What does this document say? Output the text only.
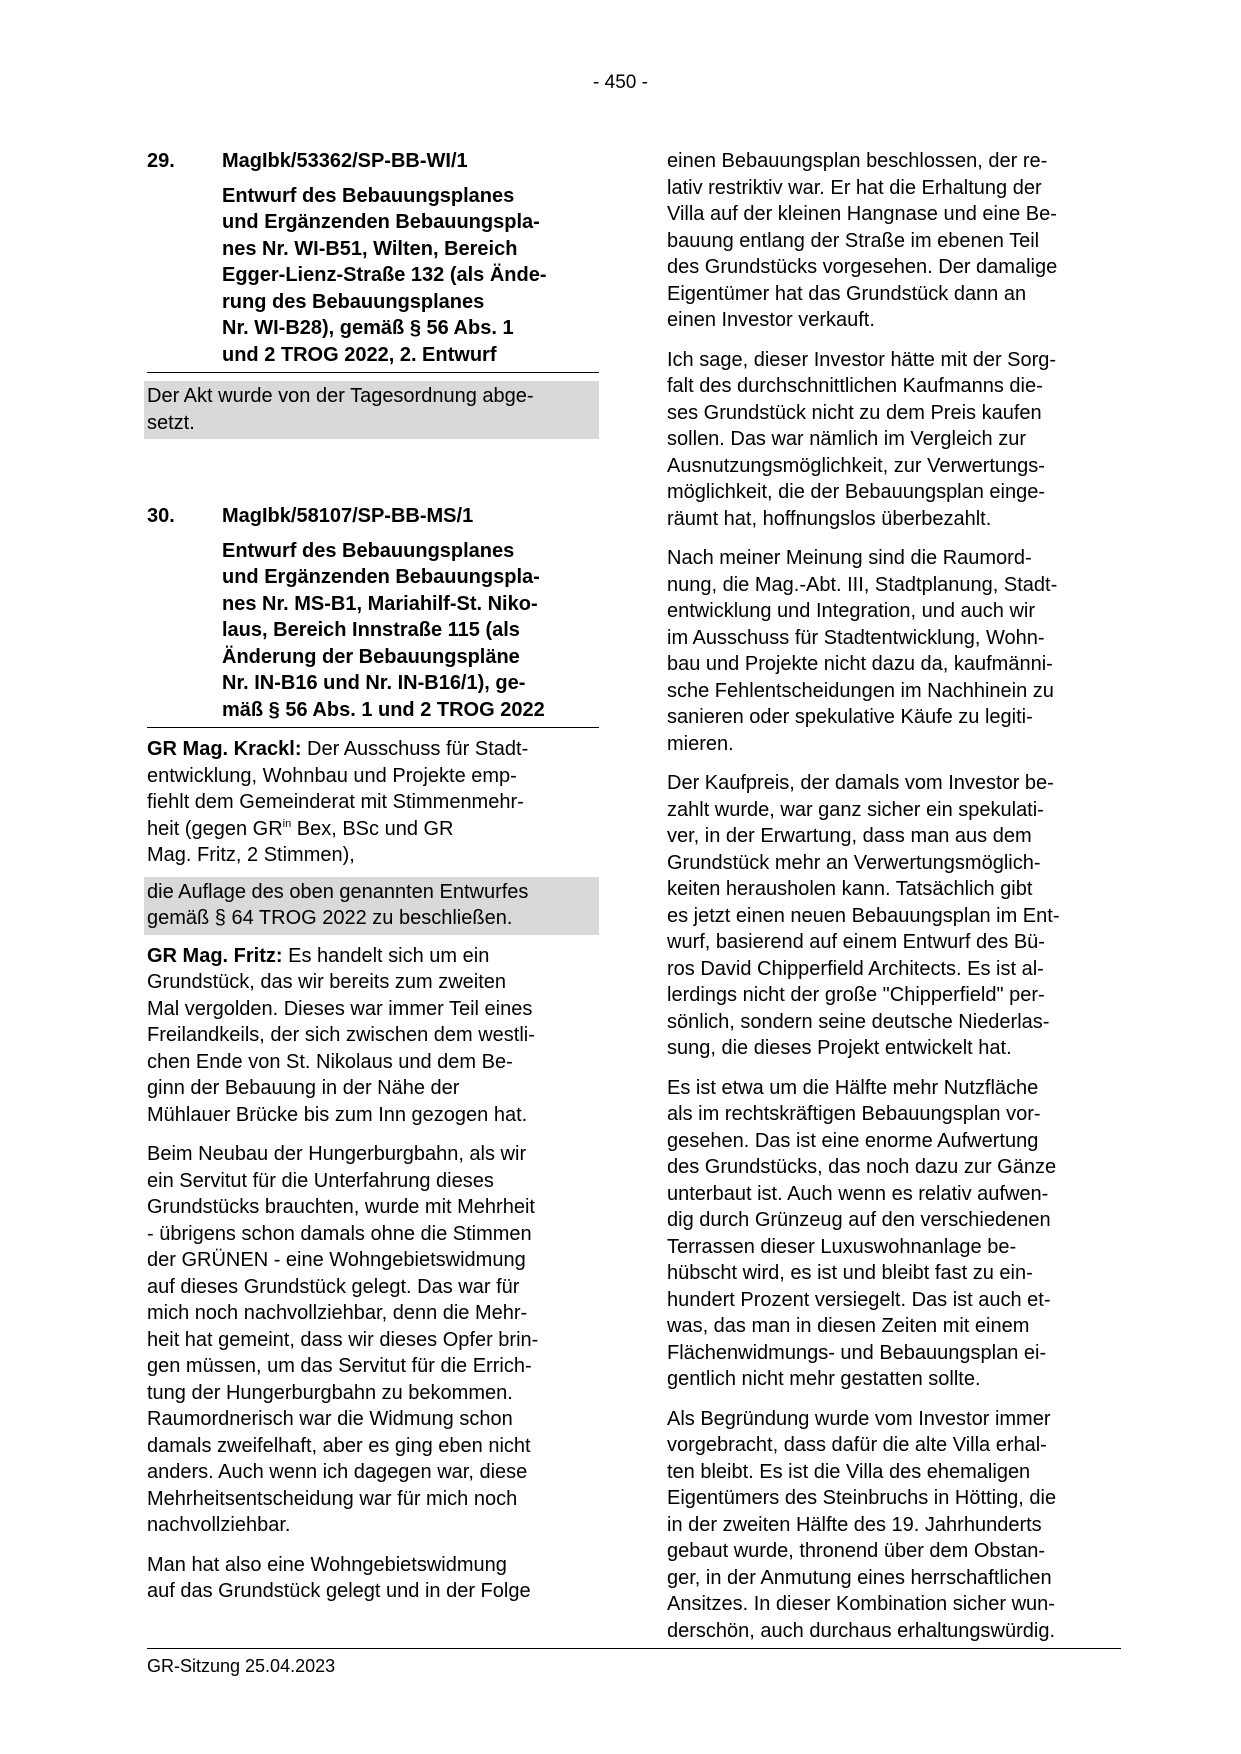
- 450 -
29.	MagIbk/53362/SP-BB-WI/1
Entwurf des Bebauungsplanes
und Ergänzenden Bebauungspla-
nes Nr. WI-B51, Wilten, Bereich
Egger-Lienz-Straße 132 (als Ände-
rung des Bebauungsplanes
Nr. WI-B28), gemäß § 56 Abs. 1
und 2 TROG 2022, 2. Entwurf
Der Akt wurde von der Tagesordnung abge-
setzt.
30.	MagIbk/58107/SP-BB-MS/1
Entwurf des Bebauungsplanes
und Ergänzenden Bebauungspla-
nes Nr. MS-B1, Mariahilf-St. Niko-
laus, Bereich Innstraße 115 (als
Änderung der Bebauungspläne
Nr. IN-B16 und Nr. IN-B16/1), ge-
mäß § 56 Abs. 1 und 2 TROG 2022
GR Mag. Krackl: Der Ausschuss für Stadt-
entwicklung, Wohnbau und Projekte emp-
fiehlt dem Gemeinderat mit Stimmenmehr-
heit (gegen $GR^{in}$ Bex, BSc und GR
Mag. Fritz, 2 Stimmen),
die Auflage des oben genannten Entwurfes
gemäß § 64 TROG 2022 zu beschließen.

GR Mag. Fritz: Es handelt sich um ein
Grundstück, das wir bereits zum zweiten
Mal vergolden. Dieses war immer Teil eines
Freilandkeils, der sich zwischen dem westli-
chen Ende von St. Nikolaus und dem Be-
ginn der Bebauung in der Nähe der
Mühlauer Brücke bis zum Inn gezogen hat.

Beim Neubau der Hungerburgbahn, als wir
ein Servitut für die Unterfahrung dieses
Grundstücks brauchten, wurde mit Mehrheit
- übrigens schon damals ohne die Stimmen
der GRÜNEN - eine Wohngebietswidmung
auf dieses Grundstück gelegt. Das war für
mich noch nachvollziehbar, denn die Mehr-
heit hat gemeint, dass wir dieses Opfer brin-
gen müssen, um das Servitut für die Errich-
tung der Hungerburgbahn zu bekommen.
Raumordnerisch war die Widmung schon
damals zweifelhaft, aber es ging eben nicht
anders. Auch wenn ich dagegen war, diese
Mehrheitsentscheidung war für mich noch
nachvollziehbar.

Man hat also eine Wohngebietswidmung
auf das Grundstück gelegt und in der Folge

einen Bebauungsplan beschlossen, der re-
lativ restriktiv war. Er hat die Erhaltung der
Villa auf der kleinen Hangnase und eine Be-
bauung entlang der Straße im ebenen Teil
des Grundstücks vorgesehen. Der damalige
Eigentümer hat das Grundstück dann an
einen Investor verkauft.

Ich sage, dieser Investor hätte mit der Sorg-
falt des durchschnittlichen Kaufmanns die-
ses Grundstück nicht zu dem Preis kaufen
sollen. Das war nämlich im Vergleich zur
Ausnutzungsmöglichkeit, zur Verwertungs-
möglichkeit, die der Bebauungsplan einge-
räumt hat, hoffnungslos überbezahlt.

Nach meiner Meinung sind die Raumord-
nung, die Mag.-Abt. III, Stadtplanung, Stadt-
entwicklung und Integration, und auch wir
im Ausschuss für Stadtentwicklung, Wohn-
bau und Projekte nicht dazu da, kaufmänni-
sche Fehlentscheidungen im Nachhinein zu
sanieren oder spekulative Käufe zu legiti-
mieren.

Der Kaufpreis, der damals vom Investor be-
zahlt wurde, war ganz sicher ein spekulati-
ver, in der Erwartung, dass man aus dem
Grundstück mehr an Verwertungsmöglich-
keiten herausholen kann. Tatsächlich gibt
es jetzt einen neuen Bebauungsplan im Ent-
wurf, basierend auf einem Entwurf des Bü-
ros David Chipperfield Architects. Es ist al-
lerdings nicht der große "Chipperfield" per-
sönlich, sondern seine deutsche Niederlas-
sung, die dieses Projekt entwickelt hat.

Es ist etwa um die Hälfte mehr Nutzfläche
als im rechtskräftigen Bebauungsplan vor-
gesehen. Das ist eine enorme Aufwertung
des Grundstücks, das noch dazu zur Gänze
unterbaut ist. Auch wenn es relativ aufwen-
dig durch Grünzeug auf den verschiedenen
Terrassen dieser Luxuswohnanlage be-
hübscht wird, es ist und bleibt fast zu ein-
hundert Prozent versiegelt. Das ist auch et-
was, das man in diesen Zeiten mit einem
Flächenwidmungs- und Bebauungsplan ei-
gentlich nicht mehr gestatten sollte.

Als Begründung wurde vom Investor immer
vorgebracht, dass dafür die alte Villa erhal-
ten bleibt. Es ist die Villa des ehemaligen
Eigentümers des Steinbruchs in Hötting, die
in der zweiten Hälfte des 19. Jahrhunderts
gebaut wurde, thronend über dem Obstan-
ger, in der Anmutung eines herrschaftlichen
Ansitzes. In dieser Kombination sicher wun-
derschön, auch durchaus erhaltungswürdig.

GR-Sitzung 25.04.2023
